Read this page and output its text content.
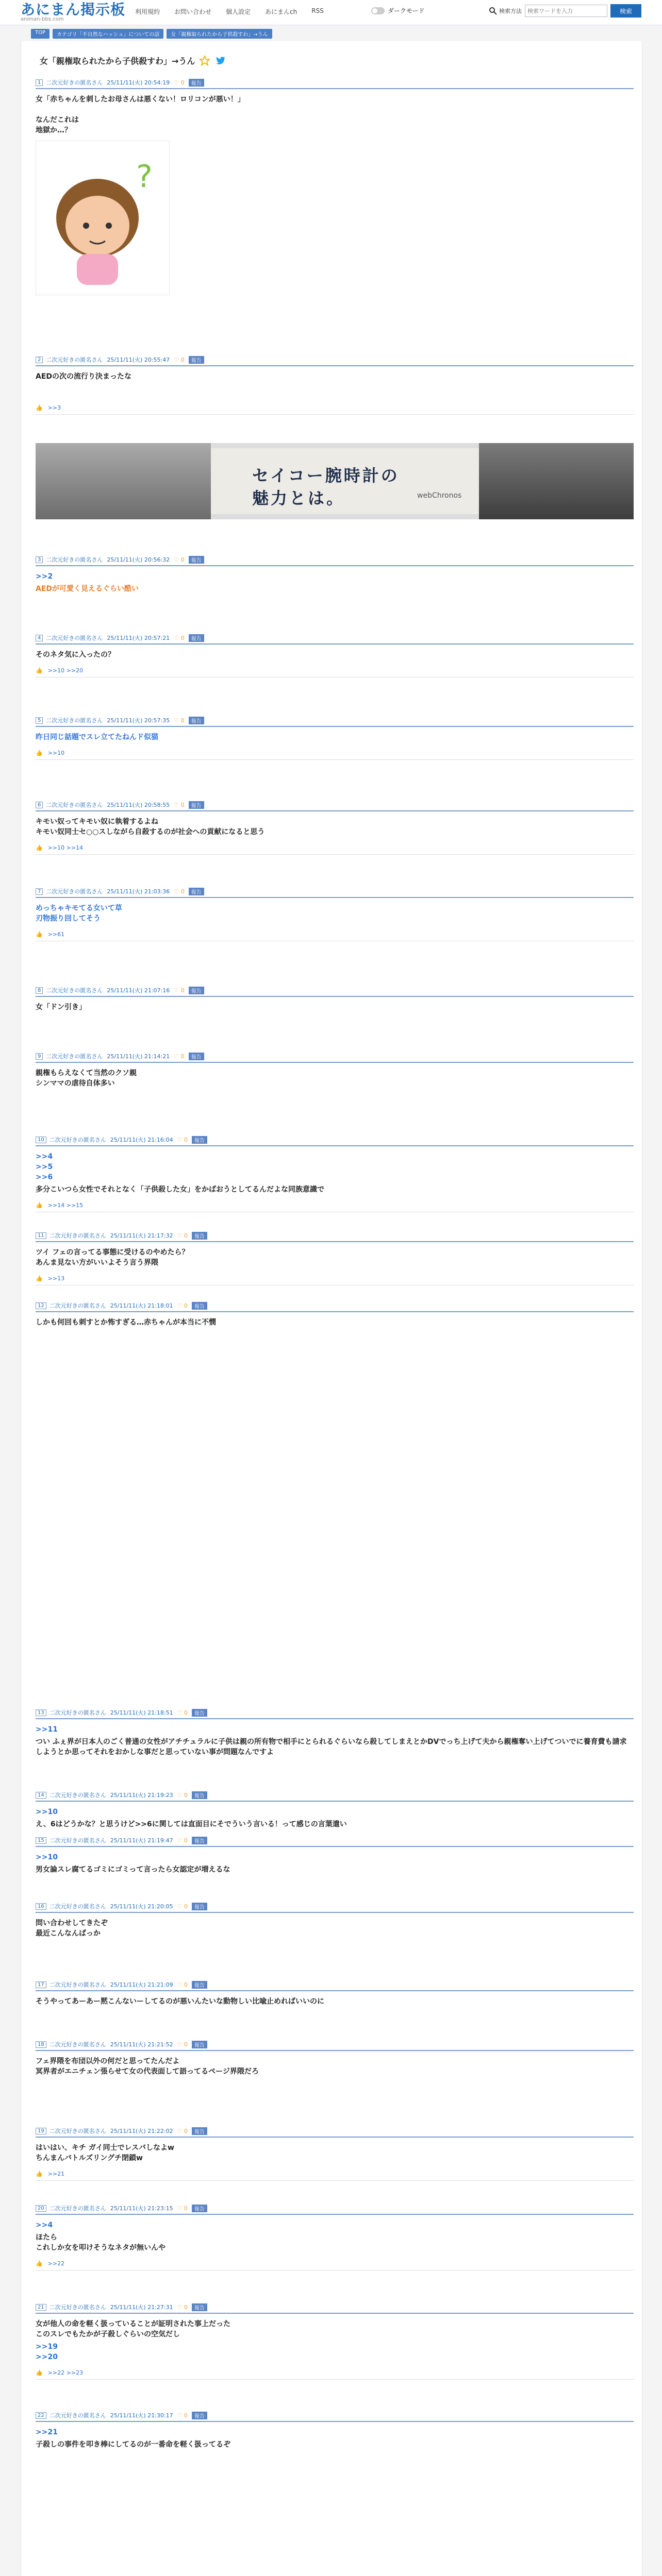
あにまん掲示板
animan-bbs.com
利用規約 お問い合わせ 個人設定 あにまんch RSS	ダークモード	検索方法
検索ワードを入力	検索
TOP	カテゴリ「不自然なハッシュ」についての話	女「親権取られたから子供殺すわ」→うん
女「親権取られたから子供殺すわ」→うん
1 二次元好きの匿名さん 25/11/11(火) 20:54:19 ♡ 0	報告
女「赤ちゃんを刺したお母さんは悪くない！ロリコンが悪い！」

なんだこれは
地獄か…？
?
2 二次元好きの匿名さん 25/11/11(火) 20:55:47 ♡ 0	報告
AEDの次の流行り決まったな
👍 >>3
セイコー腕時計の
魅力とは。	webChronos
3 二次元好きの匿名さん 25/11/11(火) 20:56:32 ♡ 0	報告
>>2
AEDが可愛く見えるぐらい酷い
4 二次元好きの匿名さん 25/11/11(火) 20:57:21 ♡ 0	報告
そのネタ気に入ったの？
👍 >>10 >>20
5 二次元好きの匿名さん 25/11/11(火) 20:57:35 ♡ 0	報告
昨日同じ話題でスレ立てたねんド似猫
👍 >>10
6 二次元好きの匿名さん 25/11/11(火) 20:58:55 ♡ 0	報告
キモい奴ってキモい奴に執着するよね
キモい奴同士セ○○スしながら自殺するのが社会への貢献になると思う
👍 >>10 >>14
7 二次元好きの匿名さん 25/11/11(火) 21:03:36 ♡ 0	報告
めっちゃキモてる女いて草
刃物振り回してそう
👍 >>61
8 二次元好きの匿名さん 25/11/11(火) 21:07:16 ♡ 0	報告
女「ドン引き」
9 二次元好きの匿名さん 25/11/11(火) 21:14:21 ♡ 0	報告
親権もらえなくて当然のクソ親
シンママの虐待自体多い
10 二次元好きの匿名さん 25/11/11(火) 21:16:04 ♡ 0	報告
>>4
>>5
>>6
多分こいつら女性でそれとなく「子供殺した女」をかばおうとしてるんだよな同族意識で
👍 >>14 >>15
11 二次元好きの匿名さん 25/11/11(火) 21:17:32 ♡ 0	報告
ツイ フェの言ってる事態に受けるのやめたら？
あんま見ない方がいいよそう言う界隈
👍 >>13
12 二次元好きの匿名さん 25/11/11(火) 21:18:01 ♡ 0	報告
しかも何回も刺すとか怖すぎる…赤ちゃんが本当に不憫
13 二次元好きの匿名さん 25/11/11(火) 21:18:51 ♡ 0	報告
>>11
つい ふぇ界が日本人のごく普通の女性がアチチュラルに子供は親の所有物で相手にとられるぐらいなら殺してしまえとかDVでっち上げて夫から親権奪い上げてついでに養育費も請求しようとか思ってそれをおかしな事だと思っていない事が問題なんですよ
14 二次元好きの匿名さん 25/11/11(火) 21:19:23 ♡ 0	報告
>>10
え、6はどうかな？と思うけど>>6に関しては直面目にそでういう言いる！って感じの言葉遣い
15 二次元好きの匿名さん 25/11/11(火) 21:19:47 ♡ 0	報告
>>10
男女論スレ腐てるゴミにゴミって言ったら女認定が増えるな
16 二次元好きの匿名さん 25/11/11(火) 21:20:05 ♡ 0	報告
問い合わせしてきたぞ
最近こんなんばっか
17 二次元好きの匿名さん 25/11/11(火) 21:21:09 ♡ 0	報告
そうやってあーあー黙こんないーしてるのが悪いんたいな動物しい比喩止めればいいのに
18 二次元好きの匿名さん 25/11/11(火) 21:21:52 ♡ 0	報告
フェ界隈を布団以外の何だと思ってたんだよ
冥界者がエニチェン張らせて女の代表面して語ってるページ界隈だろ
19 二次元好きの匿名さん 25/11/11(火) 21:22:02 ♡ 0	報告
はいはい、キチ ガイ同士でレスバしなよw
ちんまんバトルズリングチ閉鎖w
👍 >>21
20 二次元好きの匿名さん 25/11/11(火) 21:23:15 ♡ 0	報告
>>4
ほたら
これしか女を叩けそうなネタが無いんや
👍 >>22
21 二次元好きの匿名さん 25/11/11(火) 21:27:31 ♡ 0	報告
女が他人の命を軽く扱っていることが証明された事上だった
このスレでもたかが子殺しぐらいの空気だし
>>19
>>20
👍 >>22 >>23
22 二次元好きの匿名さん 25/11/11(火) 21:30:17 ♡ 0	報告
>>21
子殺しの事件を叩き棒にしてるのが一番命を軽く扱ってるぞ
